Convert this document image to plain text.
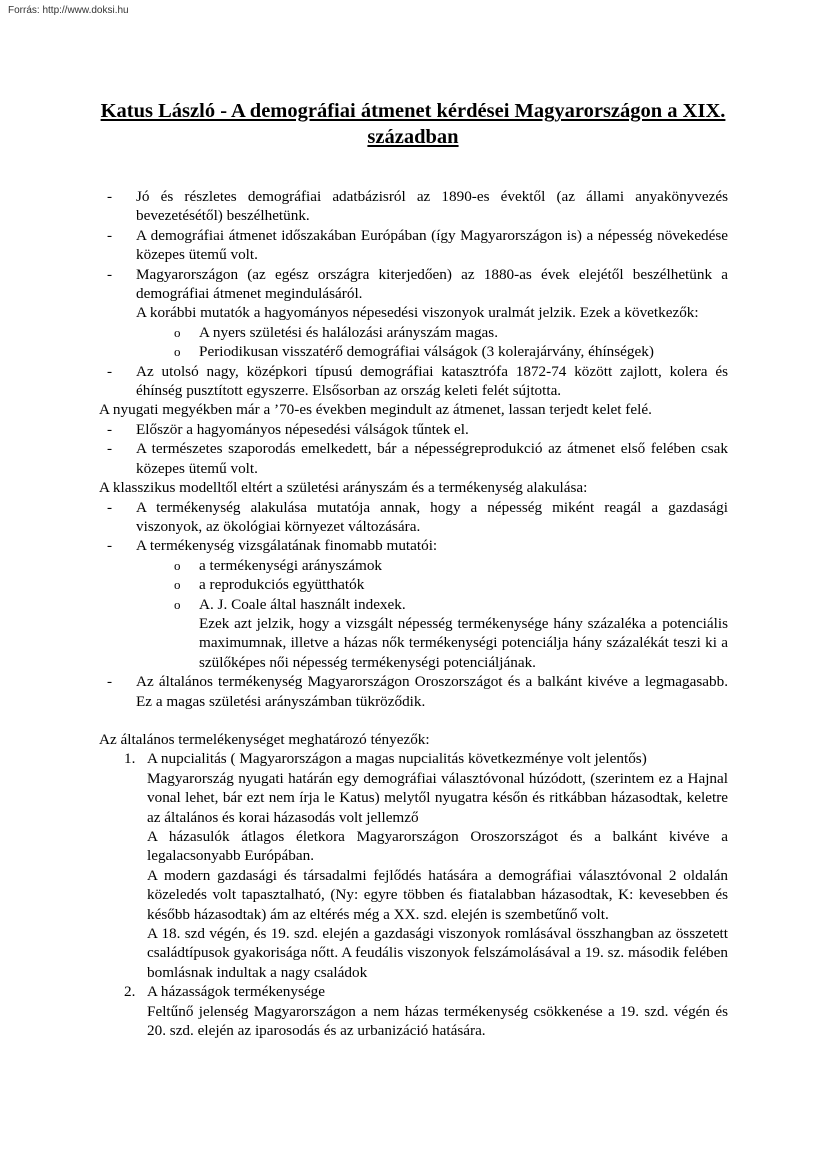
Forrás: http://www.doksi.hu
Katus László - A demográfiai átmenet kérdései Magyarországon a XIX. században
- Jó és részletes demográfiai adatbázisról az 1890-es évektől (az állami anyakönyvezés bevezetésétől) beszélhetünk.
- A demográfiai átmenet időszakában Európában (így Magyarországon is) a népesség növekedése közepes ütemű volt.
- Magyarországon (az egész országra kiterjedően) az 1880-as évek elejétől beszélhetünk a demográfiai átmenet megindulásáról.
A korábbi mutatók a hagyományos népesedési viszonyok uralmát jelzik. Ezek a következők:
o A nyers születési és halálozási arányszám magas.
o Periodikusan visszatérő demográfiai válságok (3 kolerajárvány, éhínségek)
- Az utolsó nagy, középkori típusú demográfiai katasztrófa 1872-74 között zajlott, kolera és éhínség pusztított egyszerre. Elsősorban az ország keleti felét sújtotta.
A nyugati megyékben már a ’70-es években megindult az átmenet, lassan terjedt kelet felé.
- Először a hagyományos népesedési válságok tűntek el.
- A természetes szaporodás emelkedett, bár a népességreprodukció az átmenet első felében csak közepes ütemű volt.
A klasszikus modelltől eltért a születési arányszám és a termékenység alakulása:
- A termékenység alakulása mutatója annak, hogy a népesség miként reagál a gazdasági viszonyok, az ökológiai környezet változására.
- A termékenység vizsgálatának finomabb mutatói:
o a termékenységi arányszámok
o a reprodukciós együtthatók
o A. J. Coale által használt indexek.
Ezek azt jelzik, hogy a vizsgált népesség termékenysége hány százaléka a potenciális maximumnak, illetve a házas nők termékenységi potenciálja hány százalékát teszi ki a szülőképes női népesség termékenységi potenciáljának.
- Az általános termékenység Magyarországon Oroszországot és a balkánt kivéve a legmagasabb. Ez a magas születési arányszámban tükröződik.
Az általános termelékenységet meghatározó tényezők:
1. A nupcialitás ( Magyarországon a magas nupcialitás következménye volt jelentős)
Magyarország nyugati határán egy demográfiai választóvonal húzódott, (szerintem ez a Hajnal vonal lehet, bár ezt nem írja le Katus) melytől nyugatra későn és ritkábban házasodtak, keletre az általános és korai házasodás volt jellemző
A házasulók átlagos életkora Magyarországon Oroszországot és a balkánt kivéve a legalacsonyabb Európában.
A modern gazdasági és társadalmi fejlődés hatására a demográfiai választóvonal 2 oldalán közeledés volt tapasztalható, (Ny: egyre többen és fiatalabban házasodtak, K: kevesebben és később házasodtak) ám az eltérés még a XX. szd. elején is szembetűnő volt.
A 18. szd végén, és 19. szd. elején a gazdasági viszonyok romlásával összhangban az összetett családtípusok gyakorisága nőtt. A feudális viszonyok felszámolásával a 19. sz. második felében bomlásnak indultak a nagy családok
2. A házasságok termékenysége
Feltűnő jelenség Magyarországon a nem házas termékenység csökkenése a 19. szd. végén és 20. szd. elején az iparosodás és az urbanizáció hatására.
